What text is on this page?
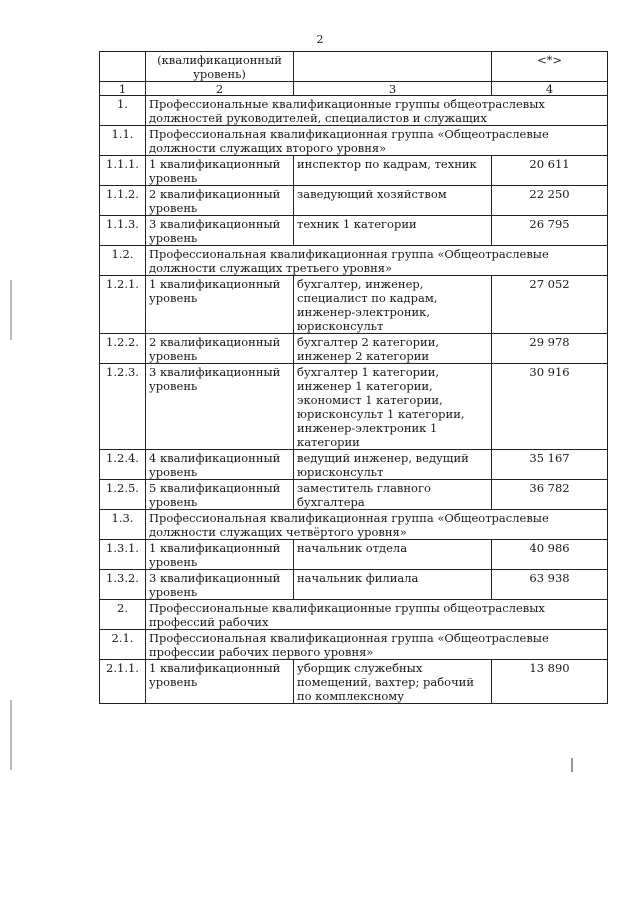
2
	(квалификационный уровень)		<*>
1	2	3	4
1.	Профессиональные квалификационные группы общеотраслевых должностей руководителей, специалистов и служащих		
1.1.	Профессиональная квалификационная группа «Общеотраслевые должности служащих второго уровня»		
1.1.1.	1 квалификационный уровень	инспектор по кадрам, техник	20 611
1.1.2.	2 квалификационный уровень	заведующий хозяйством	22 250
1.1.3.	3 квалификационный уровень	техник 1 категории	26 795
1.2.	Профессиональная квалификационная группа «Общеотраслевые должности служащих третьего уровня»		
1.2.1.	1 квалификационный уровень	бухгалтер, инженер, специалист по кадрам, инженер-электроник, юрисконсульт	27 052
1.2.2.	2 квалификационный уровень	бухгалтер 2 категории, инженер 2 категории	29 978
1.2.3.	3 квалификационный уровень	бухгалтер 1 категории, инженер 1 категории, экономист 1 категории, юрисконсульт 1 категории, инженер-электроник 1 категории	30 916
1.2.4.	4 квалификационный уровень	ведущий инженер, ведущий юрисконсульт	35 167
1.2.5.	5 квалификационный уровень	заместитель главного бухгалтера	36 782
1.3.	Профессиональная квалификационная группа «Общеотраслевые должности служащих четвёртого уровня»		
1.3.1.	1 квалификационный уровень	начальник отдела	40 986
1.3.2.	3 квалификационный уровень	начальник филиала	63 938
2.	Профессиональные квалификационные группы общеотраслевых профессий рабочих		
2.1.	Профессиональная квалификационная группа «Общеотраслевые профессии рабочих первого уровня»		
2.1.1.	1 квалификационный уровень	уборщик служебных помещений, вахтер; рабочий по комплексному	13 890
